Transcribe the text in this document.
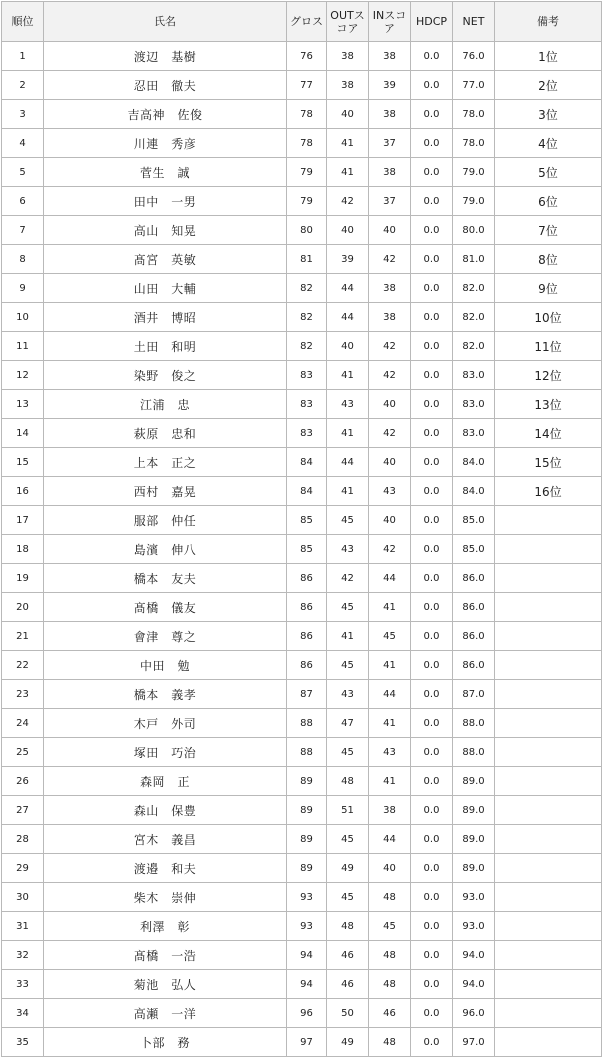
順位	氏名	グロス	OUTスコア	INスコア	HDCP	NET	備考
1	渡辺　基樹	76	38	38	0.0	76.0	1位
2	忍田　徹夫	77	38	39	0.0	77.0	2位
3	吉高神　佐俊	78	40	38	0.0	78.0	3位
4	川連　秀彦	78	41	37	0.0	78.0	4位
5	菅生　誠	79	41	38	0.0	79.0	5位
6	田中　一男	79	42	37	0.0	79.0	6位
7	高山　知晃	80	40	40	0.0	80.0	7位
8	髙宮　英敏	81	39	42	0.0	81.0	8位
9	山田　大輔	82	44	38	0.0	82.0	9位
10	酒井　博昭	82	44	38	0.0	82.0	10位
11	土田　和明	82	40	42	0.0	82.0	11位
12	染野　俊之	83	41	42	0.0	83.0	12位
13	江浦　忠	83	43	40	0.0	83.0	13位
14	萩原　忠和	83	41	42	0.0	83.0	14位
15	上本　正之	84	44	40	0.0	84.0	15位
16	西村　嘉晃	84	41	43	0.0	84.0	16位
17	服部　仲任	85	45	40	0.0	85.0	
18	島濱　伸八	85	43	42	0.0	85.0	
19	橋本　友夫	86	42	44	0.0	86.0	
20	髙橋　儀友	86	45	41	0.0	86.0	
21	會津　尊之	86	41	45	0.0	86.0	
22	中田　勉	86	45	41	0.0	86.0	
23	橋本　義孝	87	43	44	0.0	87.0	
24	木戸　外司	88	47	41	0.0	88.0	
25	塚田　巧治	88	45	43	0.0	88.0	
26	森岡　正	89	48	41	0.0	89.0	
27	森山　保豊	89	51	38	0.0	89.0	
28	宮木　義昌	89	45	44	0.0	89.0	
29	渡邉　和夫	89	49	40	0.0	89.0	
30	柴木　崇伸	93	45	48	0.0	93.0	
31	利澤　彰	93	48	45	0.0	93.0	
32	髙橋　一浩	94	46	48	0.0	94.0	
33	菊池　弘人	94	46	48	0.0	94.0	
34	高瀬　一洋	96	50	46	0.0	96.0	
35	卜部　務	97	49	48	0.0	97.0	
